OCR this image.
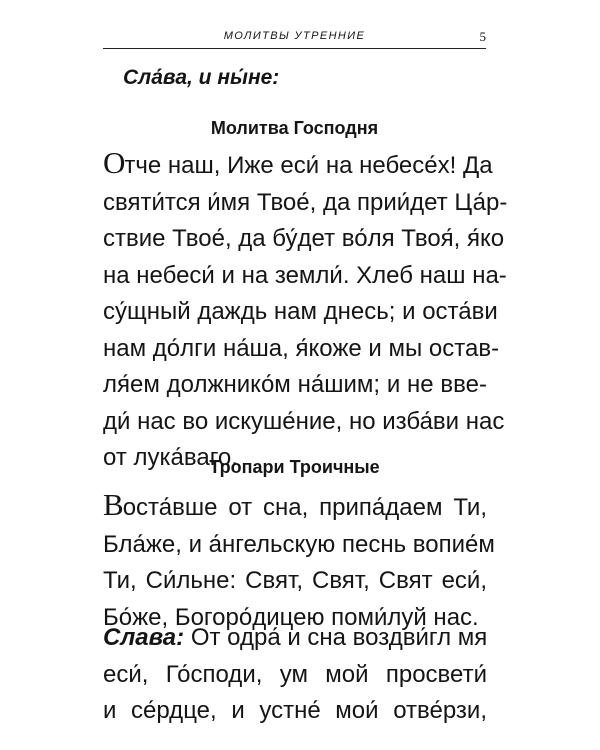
МОЛИТВЫ УТРЕННИЕ	5
Сла́ва, и ны́не:
Молитва Господня
Отче наш, Иже еси́ на небесе́х! Да
святи́тся и́мя Твое́, да прии́дет Ца́р-
ствие Твое́, да бу́дет во́ля Твоя́, я́ко
на небеси́ и на земли́. Хлеб наш на-
су́щный даждь нам днесь; и оста́ви
нам до́лги на́ша, я́коже и мы остав-
ля́ем должнико́м на́шим; и не вве-
ди́ нас во искуше́ние, но изба́ви нас
от лука́ваго.
Тропари Троичные
Воста́вше от сна, припа́даем Ти,
Бла́же, и а́нгельскую песнь вопие́м
Ти, Си́льне: Свят, Свят, Свят еси́,
Бо́же, Богоро́дицею поми́луй нас.
Слава: От одра́ и сна воздви́гл мя
еси́, Го́споди, ум мой просвети́
и се́рдце, и устне́ мои́ отве́рзи,
